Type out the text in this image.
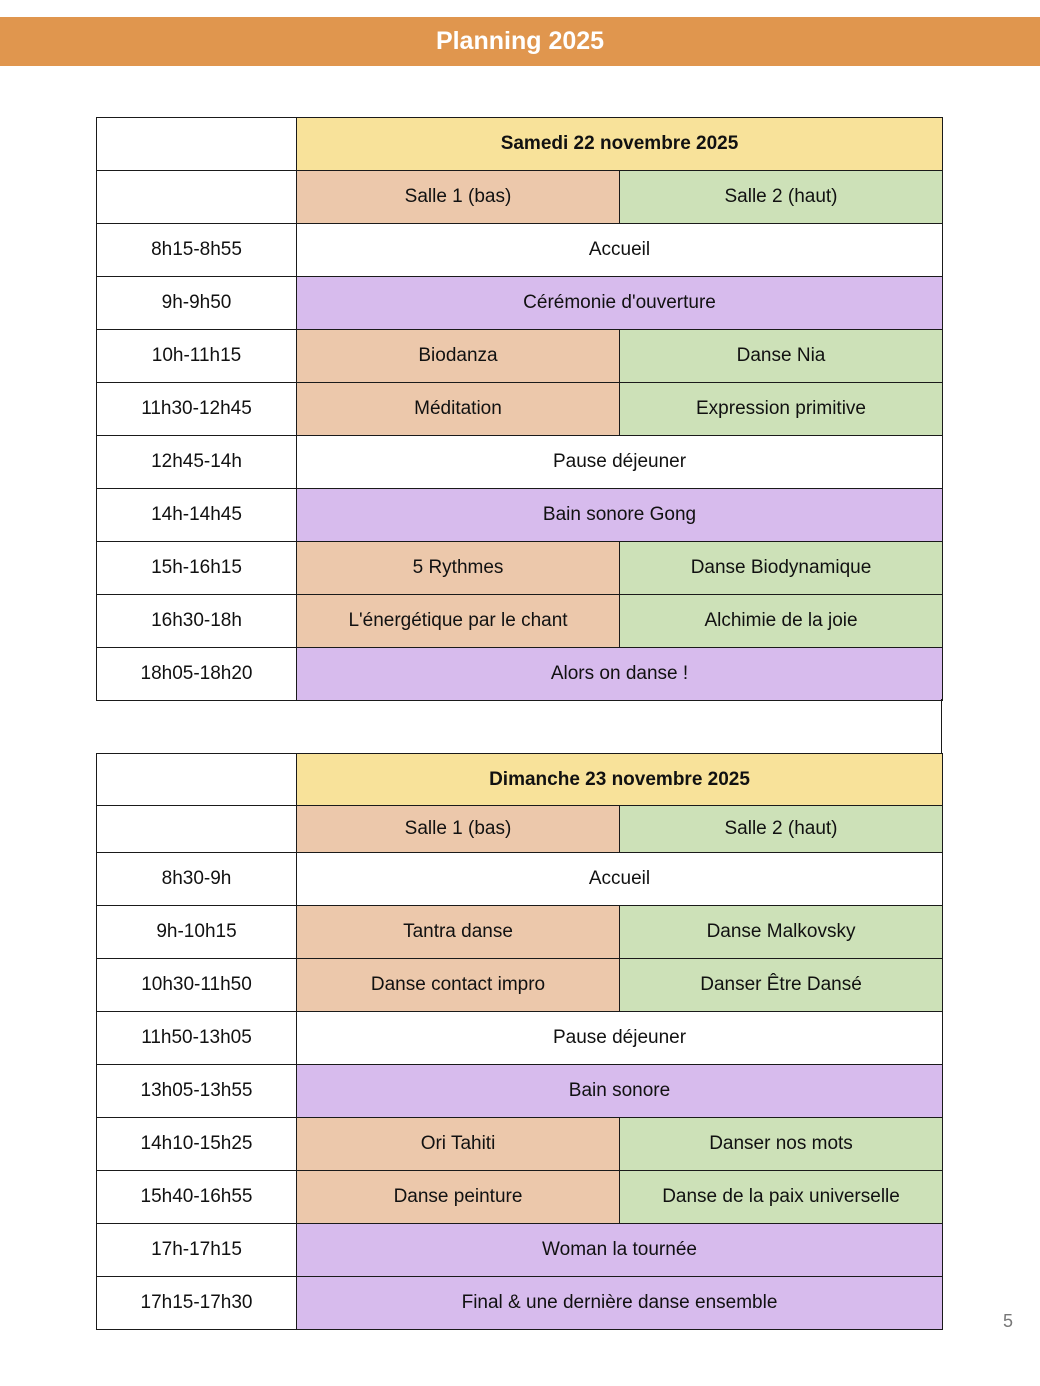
Planning 2025
	Samedi 22 novembre 2025	
	Salle 1 (bas)	Salle 2 (haut)
8h15-8h55	Accueil	
9h-9h50	Cérémonie d'ouverture	
10h-11h15	Biodanza	Danse Nia
11h30-12h45	Méditation	Expression primitive
12h45-14h	Pause déjeuner	
14h-14h45	Bain sonore Gong	
15h-16h15	5 Rythmes	Danse Biodynamique
16h30-18h	L'énergétique par le chant	Alchimie de la joie
18h05-18h20	Alors on danse !	
	Dimanche 23 novembre 2025	
	Salle 1 (bas)	Salle 2 (haut)
8h30-9h	Accueil	
9h-10h15	Tantra danse	Danse Malkovsky
10h30-11h50	Danse contact impro	Danser Être Dansé
11h50-13h05	Pause déjeuner	
13h05-13h55	Bain sonore	
14h10-15h25	Ori Tahiti	Danser nos mots
15h40-16h55	Danse peinture	Danse de la paix universelle
17h-17h15	Woman la tournée	
17h15-17h30	Final & une dernière danse ensemble	
5
